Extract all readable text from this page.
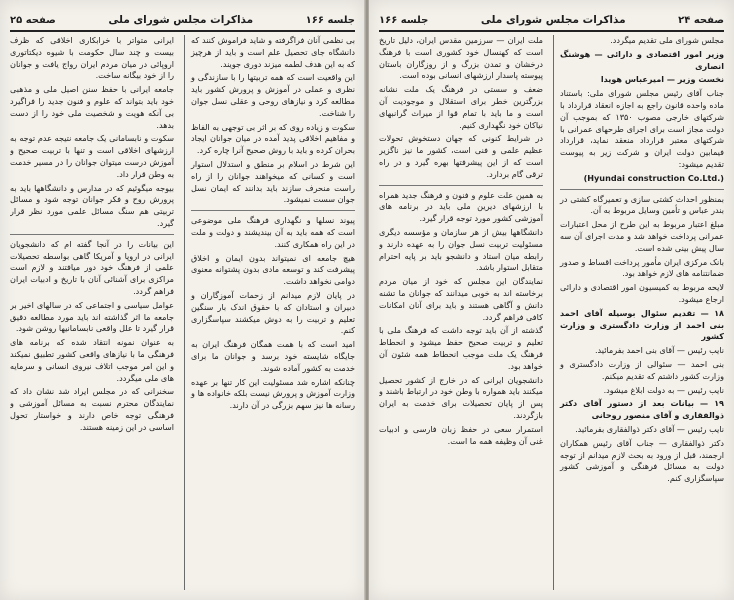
جلسه ۱۶۶
مذاکرات مجلس شورای ملی
صفحه ۲۵

بی نظمی آنان فراگرفته و شاید فراموش کنند که دانشگاه جای تحصیل علم است و باید از هرچیز که به این هدف لطمه میزند دوری جویند.

این واقعیت است که همه تربیتها را با سازندگی و نظری و عملی در آموزش و پرورش کشور باید مطالعه کرد و نیازهای روحی و عقلی نسل جوان را شناخت.

سکوت و زیاده روی که بر اثر بی توجهی به الفاظ و مفاهیم اخلاقی پدید آمده در میان جوانان ایجاد بحران کرده و باید با روش صحیح آنرا چاره کرد.

این شرط در اسلام بر منطق و استدلال استوار است و کسانی که میخواهند جوانان را از راه راست منحرف سازند باید بدانند که ایمان نسل جوان سست نمیشود.

پیوند نسلها و نگهداری فرهنگ ملی موضوعی است که همه باید به آن بیندیشند و دولت و ملت در این راه همکاری کنند.

هیچ جامعه ای نمیتواند بدون ایمان و اخلاق پیشرفت کند و توسعه مادی بدون پشتوانه معنوی دوامی نخواهد داشت.

در پایان لازم میدانم از زحمات آموزگاران و دبیران و استادان که با حقوق اندک بار سنگین تعلیم و تربیت را به دوش میکشند سپاسگزاری کنم.

امید است که با همت همگان فرهنگ ایران به جایگاه شایسته خود برسد و جوانان ما برای خدمت به کشور آماده شوند.

چنانکه اشاره شد مسئولیت این کار تنها بر عهده وزارت آموزش و پرورش نیست بلکه خانواده ها و رسانه ها نیز سهم بزرگی در آن دارند.

ایرانی متواتر با خرابکاری اخلاقی که ظرف بیست و چند سال حکومت با شیوه دیکتاتوری اروپائی در میان مردم ایران رواج یافت و جوانان را از خود بیگانه ساخت.

جامعه ایرانی با حفظ سنن اصیل ملی و مذهبی خود باید بتواند که علوم و فنون جدید را فراگیرد بی آنکه هویت و شخصیت ملی خود را از دست بدهد.

سکوت و نابسامانی یک جامعه نتیجه عدم توجه به ارزشهای اخلاقی است و تنها با تربیت صحیح و آموزش درست میتوان جوانان را در مسیر خدمت به وطن قرار داد.

بیوجه میگوئیم که در مدارس و دانشگاهها باید به پرورش روح و فکر جوانان توجه شود و مسائل تربیتی هم سنگ مسائل علمی مورد نظر قرار گیرد.

این بیانات را در آنجا گفته ام که دانشجویان ایرانی در اروپا و آمریکا گاهی بواسطه تحصیلات علمی از فرهنگ خود دور میافتند و لازم است مراکزی برای آشنائی آنان با تاریخ و ادبیات ایران فراهم گردد.

عوامل سیاسی و اجتماعی که در سالهای اخیر بر جامعه ما اثر گذاشته اند باید مورد مطالعه دقیق قرار گیرد تا علل واقعی نابسامانیها روشن شود.

به عنوان نمونه انتقاد شده که برنامه های فرهنگی ما با نیازهای واقعی کشور تطبیق نمیکند و این امر موجب اتلاف نیروی انسانی و سرمایه های ملی میگردد.

سخنرانی که در مجلس ایراد شد نشان داد که نمایندگان محترم نسبت به مسائل آموزشی و فرهنگی توجه خاص دارند و خواستار تحول اساسی در این زمینه هستند.

صفحه ۲۴
مذاکرات مجلس شورای ملی
جلسه ۱۶۶

مجلس شورای ملی تقدیم میگردد.

وزیر امور اقتصادی و دارائی — هوشنگ انصاری

نخست وزیر — امیرعباس هویدا

جناب آقای رئیس مجلس شورای ملی: باستناد ماده واحده قانون راجع به اجازه انعقاد قرارداد با شرکتهای خارجی مصوب ۱۳۵۰ که بموجب آن دولت مجاز است برای اجرای طرحهای عمرانی با شرکتهای معتبر قرارداد منعقد نماید، قرارداد فیمابین دولت ایران و شرکت زیر به پیوست تقدیم میشود:

(Hyundai construction Co.Ltd.)

بمنظور احداث کشتی سازی و تعمیرگاه کشتی در بندر عباس و تأمین وسایل مربوط به آن.

مبلغ اعتبار مربوط به این طرح از محل اعتبارات عمرانی پرداخت خواهد شد و مدت اجرای آن سه سال پیش بینی شده است.

بانک مرکزی ایران مأمور پرداخت اقساط و صدور ضمانتنامه های لازم خواهد بود.

لایحه مربوط به کمیسیون امور اقتصادی و دارائی ارجاع میشود.

۱۸ — تقدیم سئوال بوسیله آقای احمد بنی احمد از وزارت دادگستری و وزارت کشور

نایب رئیس — آقای بنی احمد بفرمائید.

بنی احمد — سئوالی از وزارت دادگستری و وزارت کشور داشتم که تقدیم میکنم.

نایب رئیس — به دولت ابلاغ میشود.

۱۹ — بیانات بعد از دستور آقای دکتر ذوالفقاری و آقای منصور روحانی

نایب رئیس — آقای دکتر ذوالفقاری بفرمائید.

دکتر ذوالفقاری — جناب آقای رئیس همکاران ارجمند، قبل از ورود به بحث لازم میدانم از توجه دولت به مسائل فرهنگی و آموزشی کشور سپاسگزاری کنم.

ملت ایران — سرزمین مقدس ایران، دلیل تاریخ است که کهنسال خود کشوری است با فرهنگ درخشان و تمدن بزرگ و از روزگاران باستان پیوسته پاسدار ارزشهای انسانی بوده است.

ضعف و سستی در فرهنگ یک ملت نشانه بزرگترین خطر برای استقلال و موجودیت آن است و ما باید با تمام قوا از میراث گرانبهای نیاکان خود نگهداری کنیم.

در شرایط کنونی که جهان دستخوش تحولات عظیم علمی و فنی است، کشور ما نیز ناگزیر است که از این پیشرفتها بهره گیرد و در راه ترقی گام بردارد.

به همین علت علوم و فنون و فرهنگ جدید همراه با ارزشهای دیرین ملی باید در برنامه های آموزشی کشور مورد توجه قرار گیرد.

دانشگاهها بیش از هر سازمان و مؤسسه دیگری مسئولیت تربیت نسل جوان را به عهده دارند و رابطه میان استاد و دانشجو باید بر پایه احترام متقابل استوار باشد.

نمایندگان این مجلس که خود از میان مردم برخاسته اند به خوبی میدانند که جوانان ما تشنه دانش و آگاهی هستند و باید برای آنان امکانات کافی فراهم گردد.

گذشته از آن باید توجه داشت که فرهنگ ملی با تعلیم و تربیت صحیح حفظ میشود و انحطاط فرهنگ یک ملت موجب انحطاط همه شئون آن خواهد بود.

دانشجویان ایرانی که در خارج از کشور تحصیل میکنند باید همواره با وطن خود در ارتباط باشند و پس از پایان تحصیلات برای خدمت به ایران بازگردند.

استمرار سعی در حفظ زبان فارسی و ادبیات غنی آن وظیفه همه ما است.
